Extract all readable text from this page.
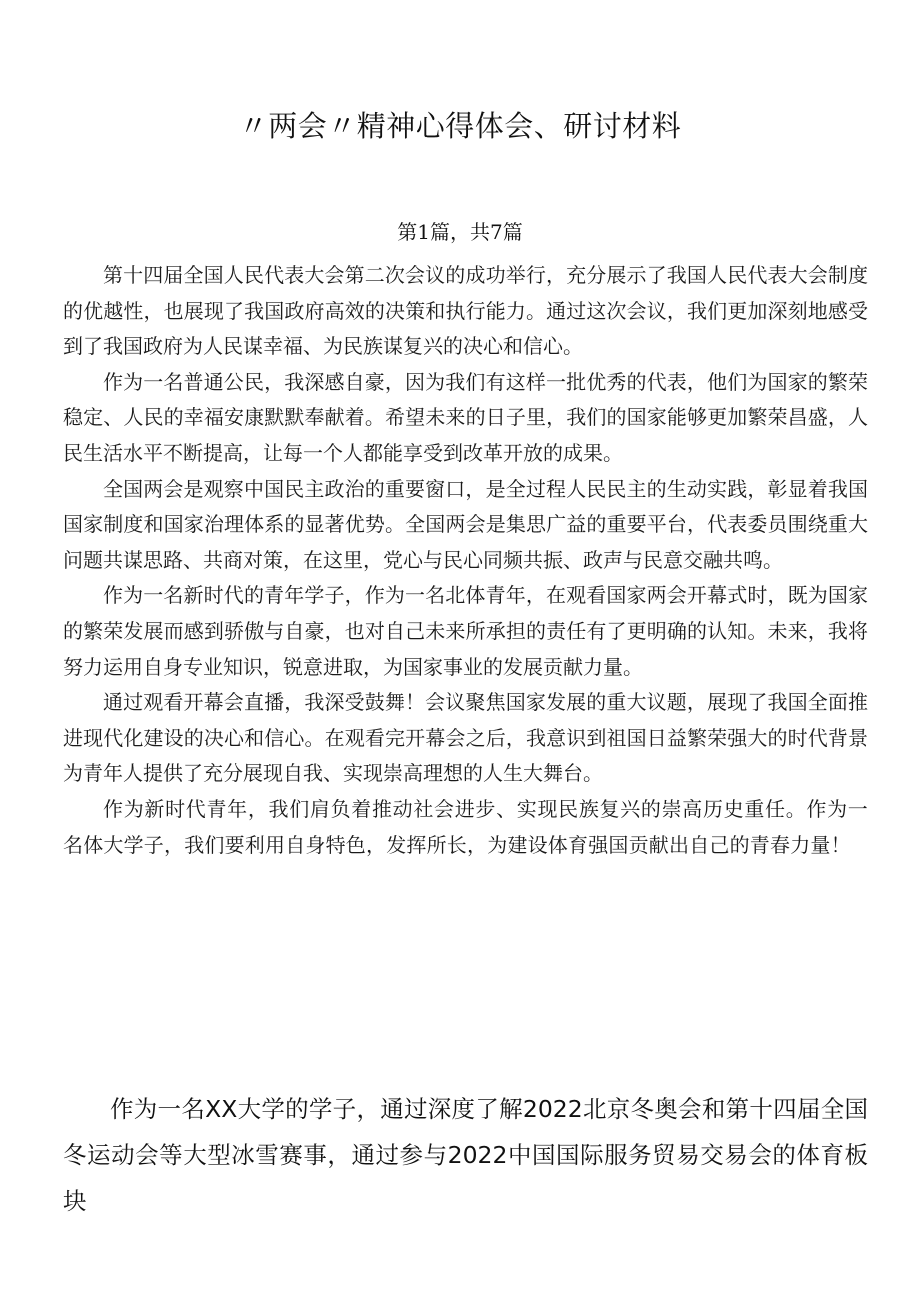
〃两会〃精神心得体会、研讨材料
第1篇，共7篇

第十四届全国人民代表大会第二次会议的成功举行，充分展示了我国人民代表大会制度的优越性，也展现了我国政府高效的决策和执行能力。通过这次会议，我们更加深刻地感受到了我国政府为人民谋幸福、为民族谋复兴的决心和信心。

作为一名普通公民，我深感自豪，因为我们有这样一批优秀的代表，他们为国家的繁荣稳定、人民的幸福安康默默奉献着。希望未来的日子里，我们的国家能够更加繁荣昌盛，人民生活水平不断提高，让每一个人都能享受到改革开放的成果。

全国两会是观察中国民主政治的重要窗口，是全过程人民民主的生动实践，彰显着我国国家制度和国家治理体系的显著优势。全国两会是集思广益的重要平台，代表委员围绕重大问题共谋思路、共商对策，在这里，党心与民心同频共振、政声与民意交融共鸣。

作为一名新时代的青年学子，作为一名北体青年，在观看国家两会开幕式时，既为国家的繁荣发展而感到骄傲与自豪，也对自己未来所承担的责任有了更明确的认知。未来，我将努力运用自身专业知识，锐意进取，为国家事业的发展贡献力量。

通过观看开幕会直播，我深受鼓舞！会议聚焦国家发展的重大议题，展现了我国全面推进现代化建设的决心和信心。在观看完开幕会之后，我意识到祖国日益繁荣强大的时代背景为青年人提供了充分展现自我、实现崇高理想的人生大舞台。

作为新时代青年，我们肩负着推动社会进步、实现民族复兴的崇高历史重任。作为一名体大学子，我们要利用自身特色，发挥所长，为建设体育强国贡献出自己的青春力量！

作为一名XX大学的学子，通过深度了解2022北京冬奥会和第十四届全国冬运动会等大型冰雪赛事，通过参与2022中国国际服务贸易交易会的体育板块
